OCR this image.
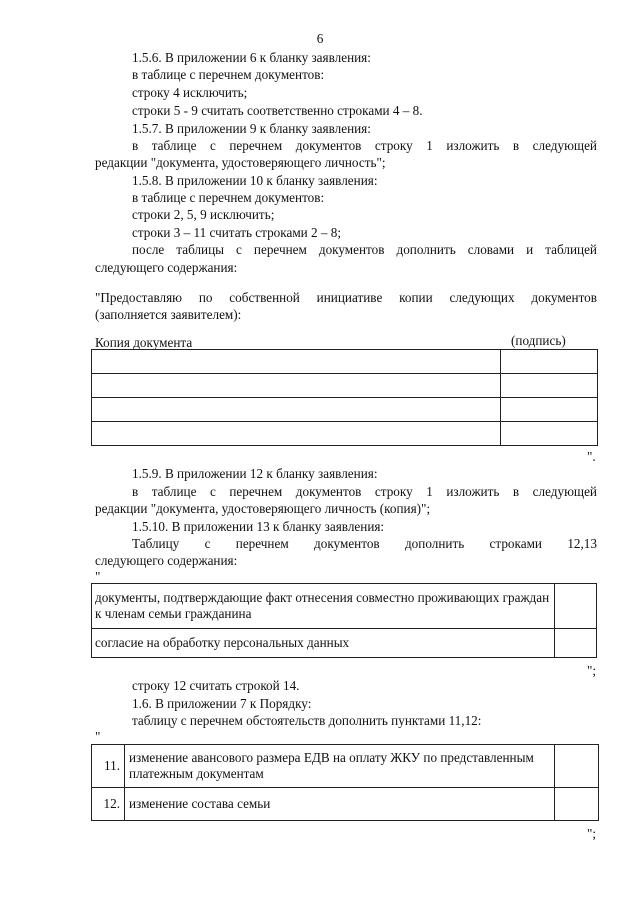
6
1.5.6. В приложении 6 к бланку заявления:
в таблице с перечнем документов:
строку 4 исключить;
строки 5 - 9 считать соответственно строками 4 – 8.
1.5.7. В приложении 9 к бланку заявления:
в таблице с перечнем документов строку 1 изложить в следующей
редакции "документа, удостоверяющего личность";
1.5.8. В приложении 10 к бланку заявления:
в таблице с перечнем документов:
строки 2, 5, 9 исключить;
строки 3 – 11 считать строками 2 – 8;
после таблицы с перечнем документов дополнить словами и таблицей
следующего содержания:
"Предоставляю по собственной инициативе копии следующих документов
(заполняется заявителем):
Копия документа	(подпись)

".
1.5.9. В приложении 12 к бланку заявления:
в таблице с перечнем документов строку 1 изложить в следующей
редакции "документа, удостоверяющего личность (копия)";
1.5.10. В приложении 13 к бланку заявления:
Таблицу с перечнем документов дополнить строками 12,13
следующего содержания:
"
документы, подтверждающие факт отнесения совместно проживающих граждан к членам семьи гражданина	
согласие на обработку персональных данных	
";
строку 12 считать строкой 14.
1.6. В приложении 7 к Порядку:
таблицу с перечнем обстоятельств дополнить пунктами 11,12:
"
11.	изменение авансового размера ЕДВ на оплату ЖКУ по представленным платежным документам	
12.	изменение состава семьи	
";
